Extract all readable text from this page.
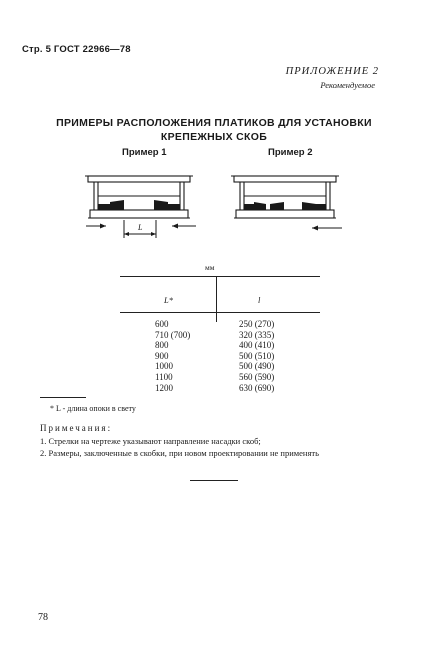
Стр. 5 ГОСТ 22966—78
ПРИЛОЖЕНИЕ 2
Рекомендуемое
ПРИМЕРЫ РАСПОЛОЖЕНИЯ ПЛАТИКОВ ДЛЯ УСТАНОВКИ
КРЕПЕЖНЫХ СКОБ
Пример 1	Пример 2
L
мм
L*	l
600
710 (700)
800
900
1000
1100
1200
250 (270)
320 (335)
400 (410)
500 (510)
500 (490)
560 (590)
630 (690)
* L - длина опоки в свету
Примечания:
1. Стрелки на чертеже указывают направление насадки скоб;
2. Размеры, заключенные в скобки, при новом проектировании не применять
78
